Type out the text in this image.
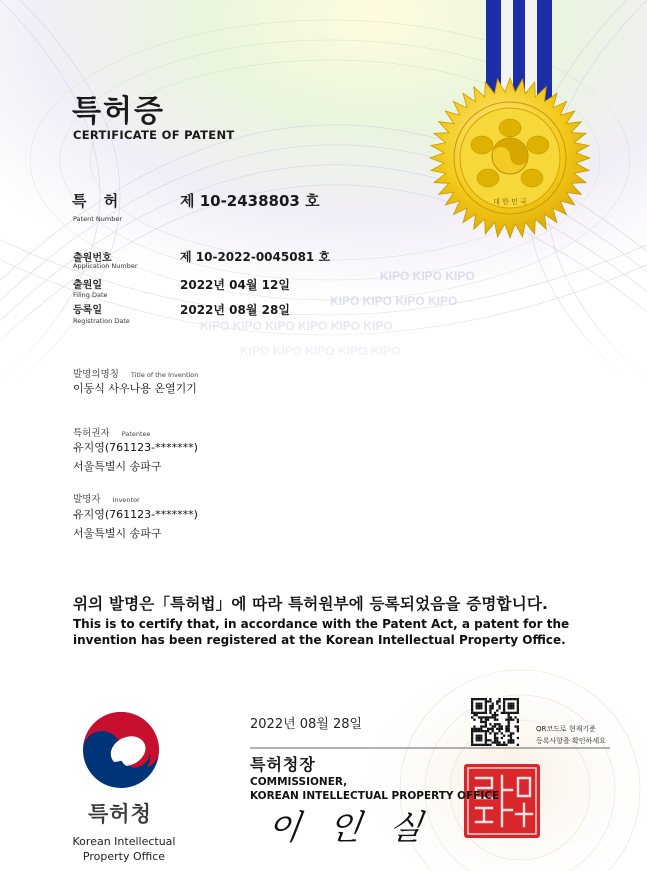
KIPO KIPO KIPO
대 한 민 국
특허증
CERTIFICATE OF PATENT
특 허
Patent Number
제 10-2438803 호
출원번호
Application Number
제 10-2022-0045081 호
출원일
Filing Date
2022년 04월 12일
등록일
Registration Date
2022년 08월 28일
발명의명칭 Title of the Invention
이동식 사우나용 온열기기
특허권자 Patentee
유지영(761123-*******)
서울특별시 송파구
발명자 Inventor
유지영(761123-*******)
서울특별시 송파구
위의 발명은「특허법」에 따라 특허원부에 등록되었음을 증명합니다.
This is to certify that, in accordance with the Patent Act, a patent for the invention has been registered at the Korean Intellectual Property Office.
2022년 08월 28일	QR코드로 현재기준
등록사항을 확인하세요
특허청장
COMMISSIONER,
KOREAN INTELLECTUAL PROPERTY OFFICE
이인실
특허청
Korean Intellectual
Property Office
